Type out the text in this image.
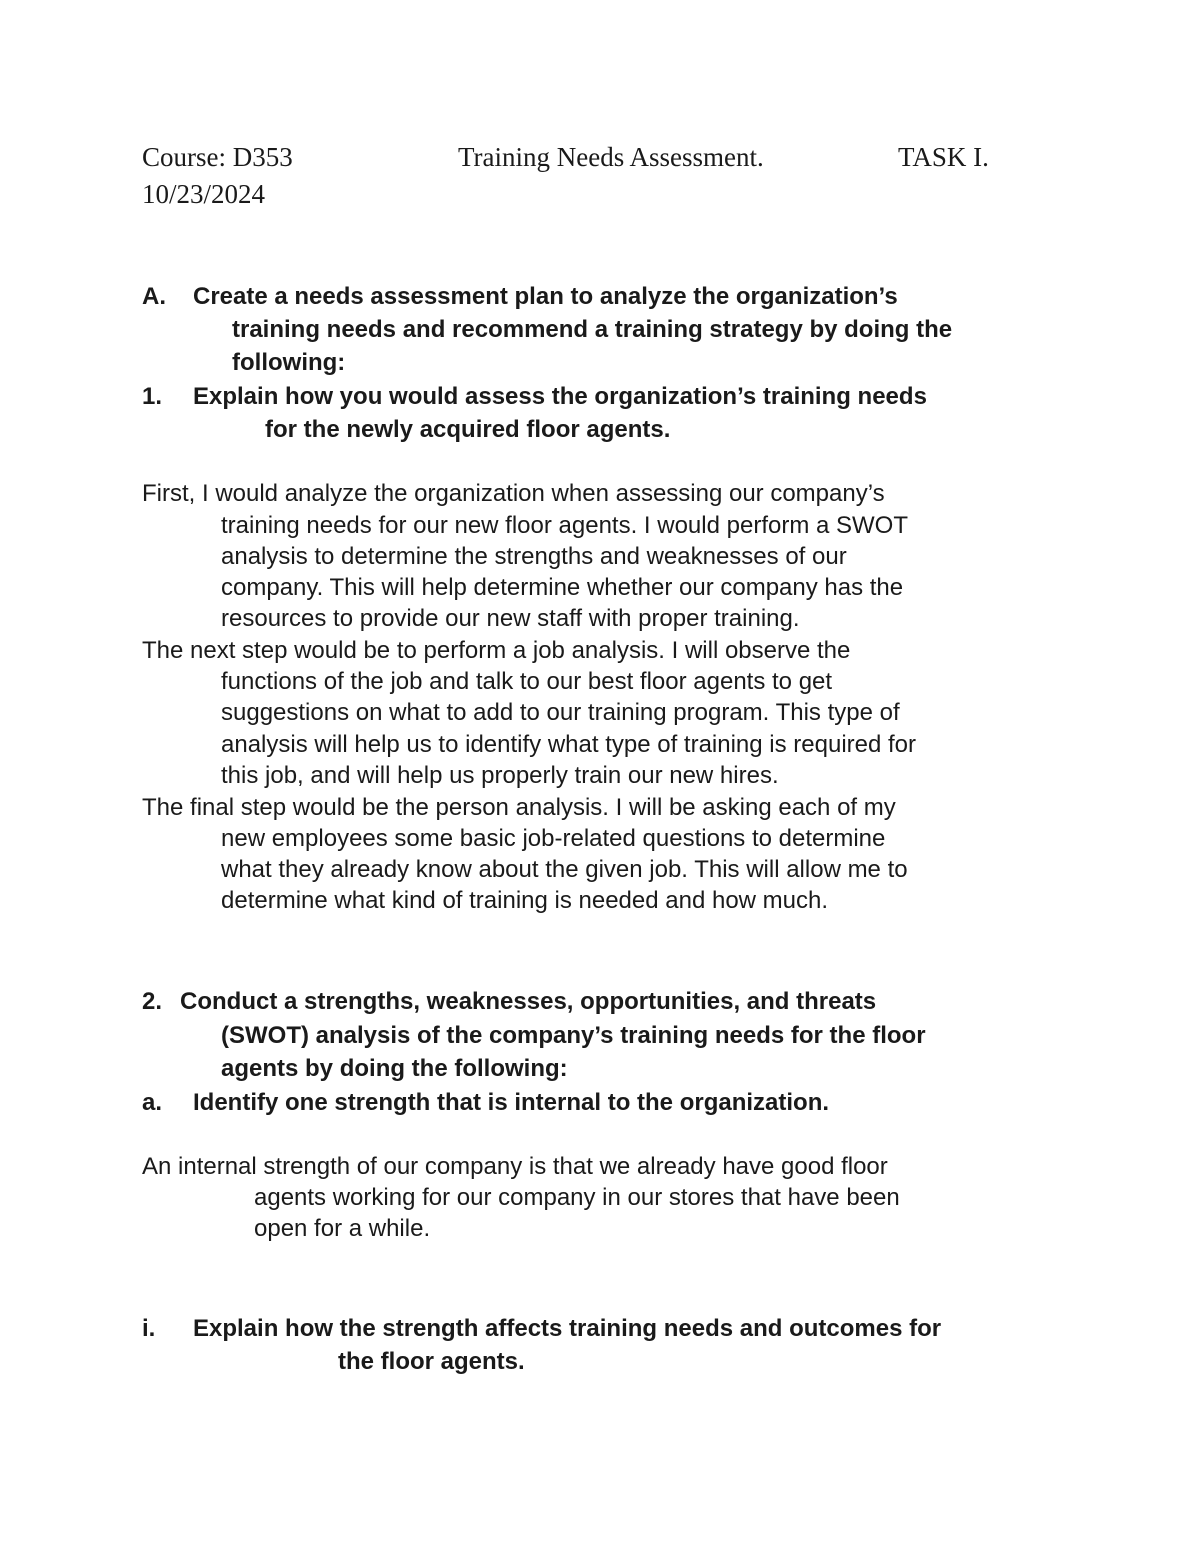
Course: D353	Training Needs Assessment.	TASK I.
10/23/2024
A. Create a needs assessment plan to analyze the organization’s
training needs and recommend a training strategy by doing the
following:
1. Explain how you would assess the organization’s training needs
for the newly acquired floor agents.
First, I would analyze the organization when assessing our company’s
training needs for our new floor agents. I would perform a SWOT
analysis to determine the strengths and weaknesses of our
company. This will help determine whether our company has the
resources to provide our new staff with proper training.
The next step would be to perform a job analysis. I will observe the
functions of the job and talk to our best floor agents to get
suggestions on what to add to our training program. This type of
analysis will help us to identify what type of training is required for
this job, and will help us properly train our new hires.
The final step would be the person analysis. I will be asking each of my
new employees some basic job-related questions to determine
what they already know about the given job. This will allow me to
determine what kind of training is needed and how much.
2. Conduct a strengths, weaknesses, opportunities, and threats
(SWOT) analysis of the company’s training needs for the floor
agents by doing the following:
a. Identify one strength that is internal to the organization.
An internal strength of our company is that we already have good floor
agents working for our company in our stores that have been
open for a while.
i. Explain how the strength affects training needs and outcomes for
the floor agents.
